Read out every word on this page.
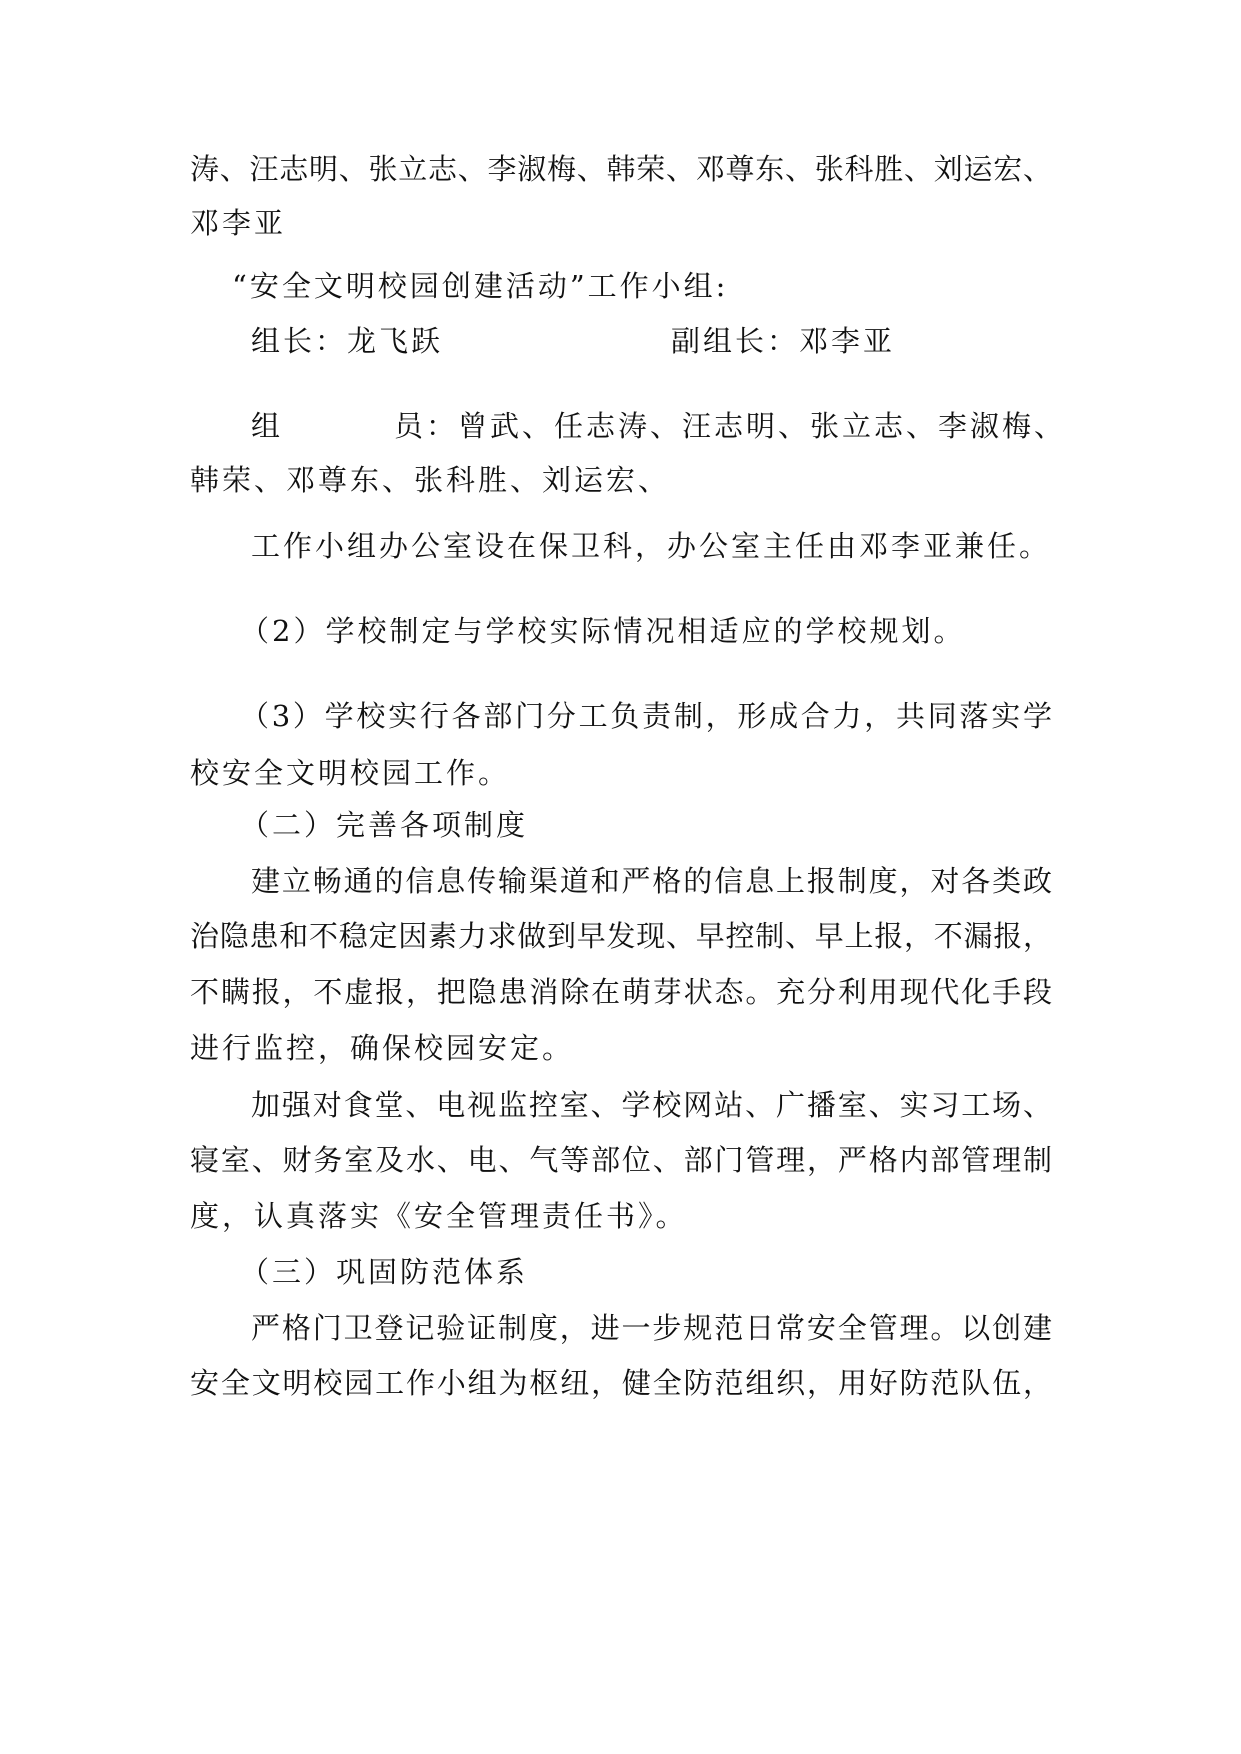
涛、汪志明、张立志、李淑梅、韩荣、邓尊东、张科胜、刘运宏、
邓李亚
“安全文明校园创建活动”工作小组:
组长：龙飞跃	副组长：邓李亚
组	员：曾武、任志涛、汪志明、张立志、李淑梅、
韩荣、邓尊东、张科胜、刘运宏、
工作小组办公室设在保卫科，办公室主任由邓李亚兼任。
（2）学校制定与学校实际情况相适应的学校规划。
（3）学校实行各部门分工负责制，形成合力，共同落实学
校安全文明校园工作。
（二）完善各项制度
建立畅通的信息传输渠道和严格的信息上报制度，对各类政
治隐患和不稳定因素力求做到早发现、早控制、早上报，不漏报，
不瞒报，不虚报，把隐患消除在萌芽状态。充分利用现代化手段
进行监控，确保校园安定。
加强对食堂、电视监控室、学校网站、广播室、实习工场、
寝室、财务室及水、电、气等部位、部门管理，严格内部管理制
度，认真落实《安全管理责任书》。
（三）巩固防范体系
严格门卫登记验证制度，进一步规范日常安全管理。以创建
安全文明校园工作小组为枢纽，健全防范组织，用好防范队伍，
